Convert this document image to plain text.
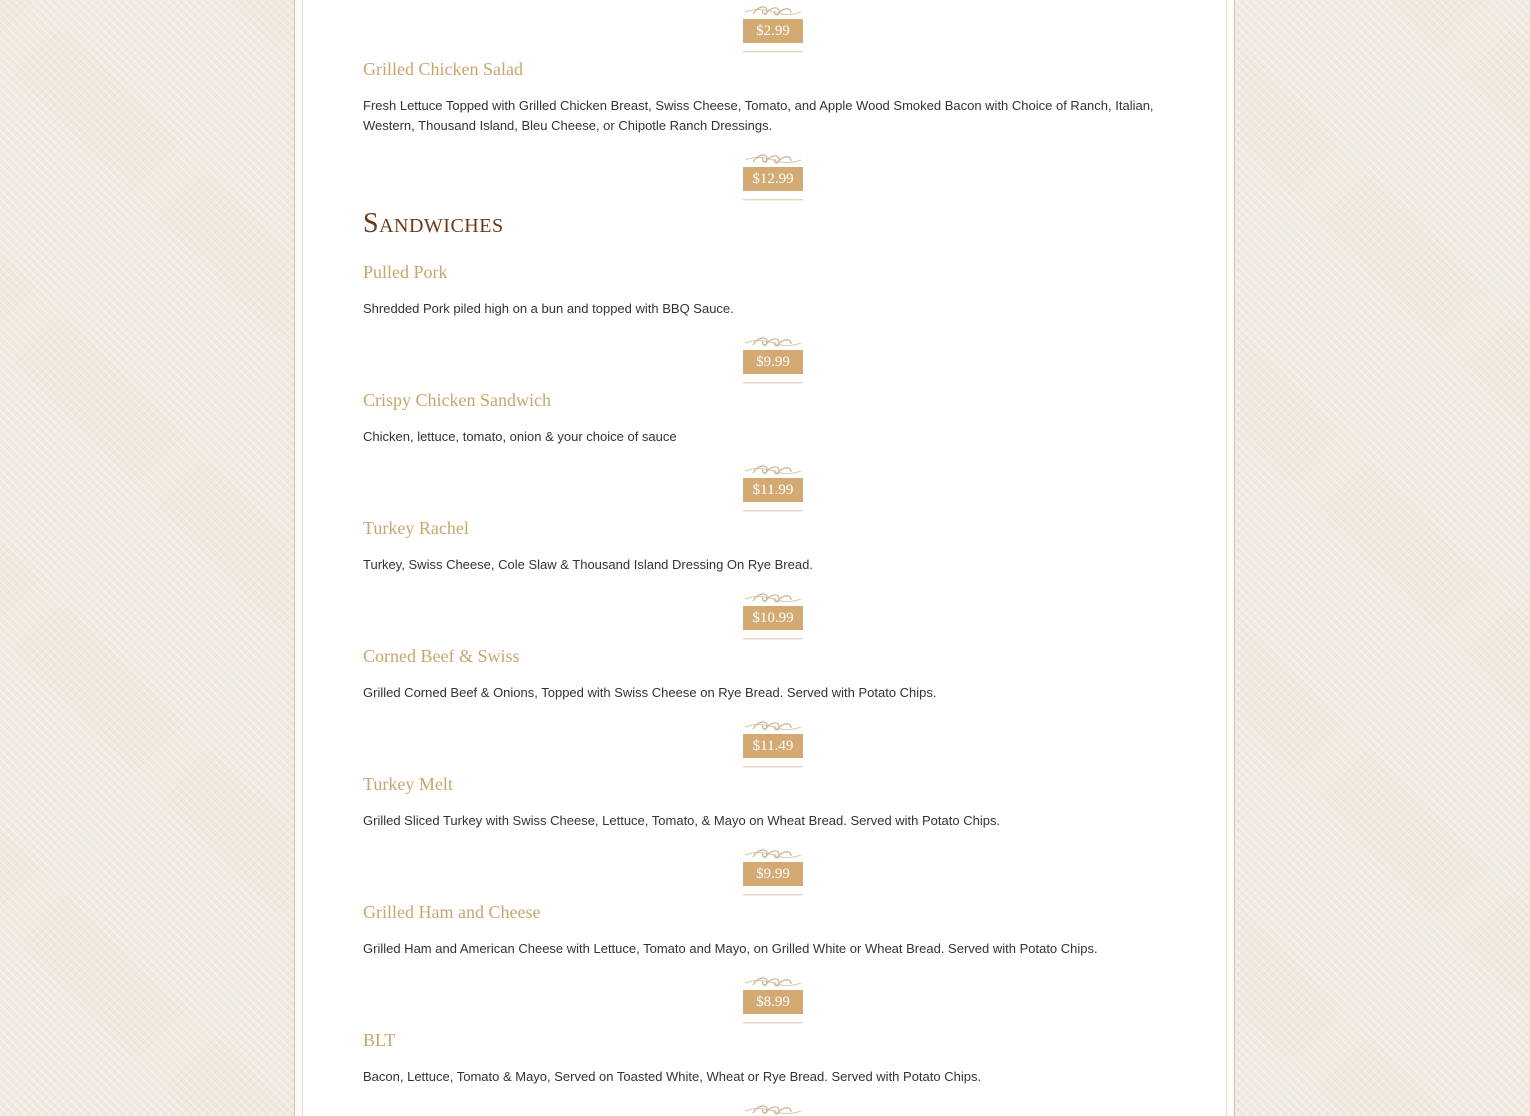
$2.99
Grilled Chicken Salad

Fresh Lettuce Topped with Grilled Chicken Breast, Swiss Cheese, Tomato, and Apple Wood Smoked Bacon with Choice of Ranch, Italian, Western, Thousand Island, Bleu Cheese, or Chipotle Ranch Dressings.

$12.99
Sandwiches
Pulled Pork

Shredded Pork piled high on a bun and topped with BBQ Sauce.

$9.99
Crispy Chicken Sandwich

Chicken, lettuce, tomato, onion & your choice of sauce

$11.99
Turkey Rachel

Turkey, Swiss Cheese, Cole Slaw & Thousand Island Dressing On Rye Bread.

$10.99
Corned Beef & Swiss

Grilled Corned Beef & Onions, Topped with Swiss Cheese on Rye Bread. Served with Potato Chips.

$11.49
Turkey Melt

Grilled Sliced Turkey with Swiss Cheese, Lettuce, Tomato, & Mayo on Wheat Bread. Served with Potato Chips.

$9.99
Grilled Ham and Cheese

Grilled Ham and American Cheese with Lettuce, Tomato and Mayo, on Grilled White or Wheat Bread. Served with Potato Chips.

$8.99
BLT

Bacon, Lettuce, Tomato & Mayo, Served on Toasted White, Wheat or Rye Bread. Served with Potato Chips.
